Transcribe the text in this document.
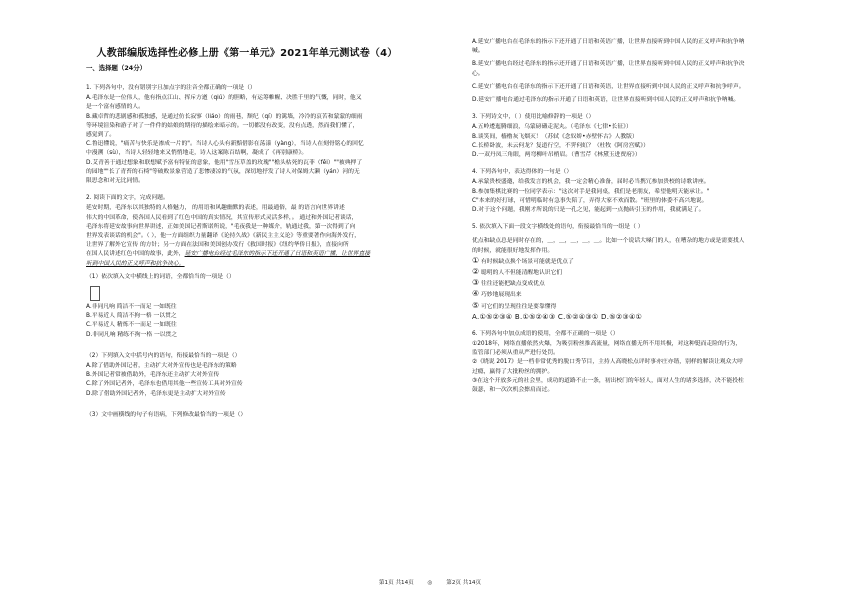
人教部编版选择性必修上册《第一单元》2021年单元测试卷（4）
一、选择题（24分）

1. 下列各句中，没有错别字且加点字的注音全都正确的一项是（）

A.毛泽东是一位伟人，他有指点江山、挥斥方遒（qiú）的胆略，有运筹帷幄、决胜千里的气慨，同时，他又

是一个富有感情的人。

B.藏卓哲的悲剧感和孤独感，是通过仿长寂寥（liáo）的雨巷，颓纪（qí）的篱墙，冷冷的哀苦和蒙蒙的细雨

等环境渲染和游子对了一件件的姑娘的期待的描绘来暗示的。一切都没有改变，没有点透，然而我们懂了，

感觉到了。

C.鲁迅懂说，"痛苦与快乐是渗成一片的"。当诗人心头有新黯借影在荡漾（yàng），当诗人在刻骨铭心的回忆

中漫溯（sù），当诗人轻轻地来又悄悄地走，诗人这案陈百结啊，凝成了《再别康桥》。

D.艾青善于通过想象和联想赋予富有特征的意象，他用"雪压草盖的玫瑰""檐头枯死的瓦菲（fěi）""被典押了

的园地""长了青苔的石椅"等破败景象营造了悲惨凄凉的气氛，深切地抒发了诗人对保姆大瀬（yán）河的无

限思念和对无比同情。

2. 阅读下面的文字，完成问题。

延安时期，毛泽东以其独特的人格魅力， 的用语和风趣幽默的表述，用最通俗，最 的语言向世界讲述

伟大的中国革命，使各国人民看到了红色中国的真实情况，其宣传形式灵活多样，。 通过和外国记者谈话，

毛泽东将延安故事向世界讲述，正如美国记者斯诺所说，"毛夜我是一种媒介，轨通过我，第一次得到了向

世界发表谈话的机会"。（ ），他一方面组织力量翻译《论持久战》《新民主主义论》等重要著作向海外发行，

让世界了解外它宣传 的方针；另一方面在法国和美国创办发行《救国时报》《纽约华侨日报》，直接向所

在国人民讲述红色中国的故事，此外，延安广播电台经过毛泽东的指示下还开通了日语和英语广播，让世界直接

听到中国人民的正义呼声和抗争决心。

（1）依次填入文中横线上的词语，全都恰当的一项是（）

A.非同凡响 简洁不一而足 一如既往

B.平易近人 简洁不拘一格 一以贯之

C.平易近人 精炼不一而足 一如既往

D.非同凡响 精练不拘一格 一以贯之

（2）下列填入文中括号内的语句，衔接最恰当的一项是（）

A.除了借助外国记者，主动扩大对外宣传也是毛泽东的策略

B.外国记者常被借助外，毛泽东还主动扩大对外宣传

C.除了外国记者外，毛泽东也借用其他一些宣传工具对外宣传

D.除了借助外国记者外，毛泽东更是主动扩大对外宣传

（3）文中画横线的句子有语病，下列修改最恰当的一项是（）

A.延安广播电台在毛泽东的指示下还开通了日语和英语广播，让世界直接听到中国人民的正义呼声和抗争呐

喊。

B.延安广播电台经过毛泽东的指示还开通了日语和英语广播，让世界直接听到中国人民的正义呼声和抗争决

心。

C.延安广播电台在毛泽东的指示下还开通了日语和英语，让世界直接听到中国人民的正义呼声和抗争呼声。

D.延安广播电台通过毛泽东的指示开通了日语和英语，让世界直接听到中国人民的正义呼声和抗争呐喊。

3. 下列诗文中，（ ）使用比喻修辞的一项是（）

A.五岭逶迤腾细浪，乌蒙磅礴走泥丸。（毛泽东《七律•长征》）

B.谈笑间，樯橹灰飞烟灭！（苏轼《念奴娇•赤壁怀古》人教版）

C.长桥卧波，未云何龙？复道行空，不霁何虹？（杜牧《阿房宫赋》）

D.一双丹凤三角眼，两弯柳叶吊梢眉。（曹雪芹《林黛玉进贾府》）

4. 下列各句中，表达得体的一句是（）

A.承蒙贵校盛邀，给我发言的机会，我一定会精心准备，届时必当携冗参加贵校的诗歌讲座。

B.参加集棋比赛的一位同学表示："这次对手是我同桌，我们是老朋友，希望他明天能承让。"

C"本来的好打球，可惜明临时有急事失陪了，弄得大家不欢而散。"班里的体委不高兴地说。

D.对于这个问题，我刚才所说的只是一孔之见，能起到一点抛砖引玉的作用，我就满足了。

5. 依次填入下面一段文字横线处的语句，衔接最恰当的一组是（ ）

优点和缺点总是同时存在的，＿，＿，＿，＿，＿。比如一个说话大嗓门的人，在嘈杂的地方或是需要找人

的时候，就能很好地发挥作用。

① 有时候缺点换个场景可能就是优点了

② 聪明的人不但能清醒地认识它们

③ 往往还能把缺点变成优点

④ 巧妙地展现出来

⑤ 可它们的呈现往往是要靠懂得

A.①⑤②③④ B.①⑤②④③ C.⑤②④③① D.⑤②③④①

6. 下列各句中加点成语的使用，全都不正确的一项是（）

①2018年，网络直播依然火爆，为吸引粉丝推高流量，网络直播无所不用其极，对这种铤而走险的行为，

监管部门必须从重从严进行处罚。

②《晓说 2017》是一档非常优秀的脱口秀节目，主持人高晓松点评时事亦庄亦谐，别样的解读让观众大呼

过瘾，赢得了大批粉丝的拥护。

③在这个开放多元的社会里，成功的道路不止一条，初出校门的年轻人，面对人生的诸多选择，决不能投柱

鼓瑟，和一次次机会擦肩而过。

第1页 共14页 ◎ 第2页 共14页
